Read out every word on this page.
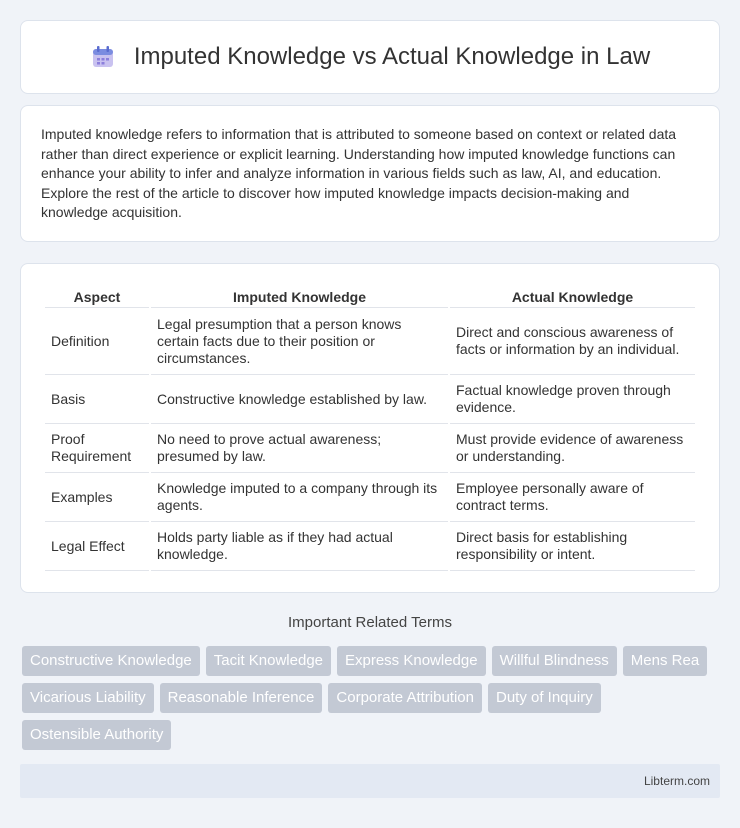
Imputed Knowledge vs Actual Knowledge in Law

Imputed knowledge refers to information that is attributed to someone based on context or related data rather than direct experience or explicit learning. Understanding how imputed knowledge functions can enhance your ability to infer and analyze information in various fields such as law, AI, and education. Explore the rest of the article to discover how imputed knowledge impacts decision-making and knowledge acquisition.

Aspect	Imputed Knowledge	Actual Knowledge
Definition	Legal presumption that a person knows certain facts due to their position or circumstances.	Direct and conscious awareness of facts or information by an individual.
Basis	Constructive knowledge established by law.	Factual knowledge proven through evidence.
Proof Requirement	No need to prove actual awareness; presumed by law.	Must provide evidence of awareness or understanding.
Examples	Knowledge imputed to a company through its agents.	Employee personally aware of contract terms.
Legal Effect	Holds party liable as if they had actual knowledge.	Direct basis for establishing responsibility or intent.
Important Related Terms
Constructive Knowledge	Tacit Knowledge	Express Knowledge	Willful Blindness	Mens Rea
Vicarious Liability	Reasonable Inference	Corporate Attribution	Duty of Inquiry
Ostensible Authority
Libterm.com
